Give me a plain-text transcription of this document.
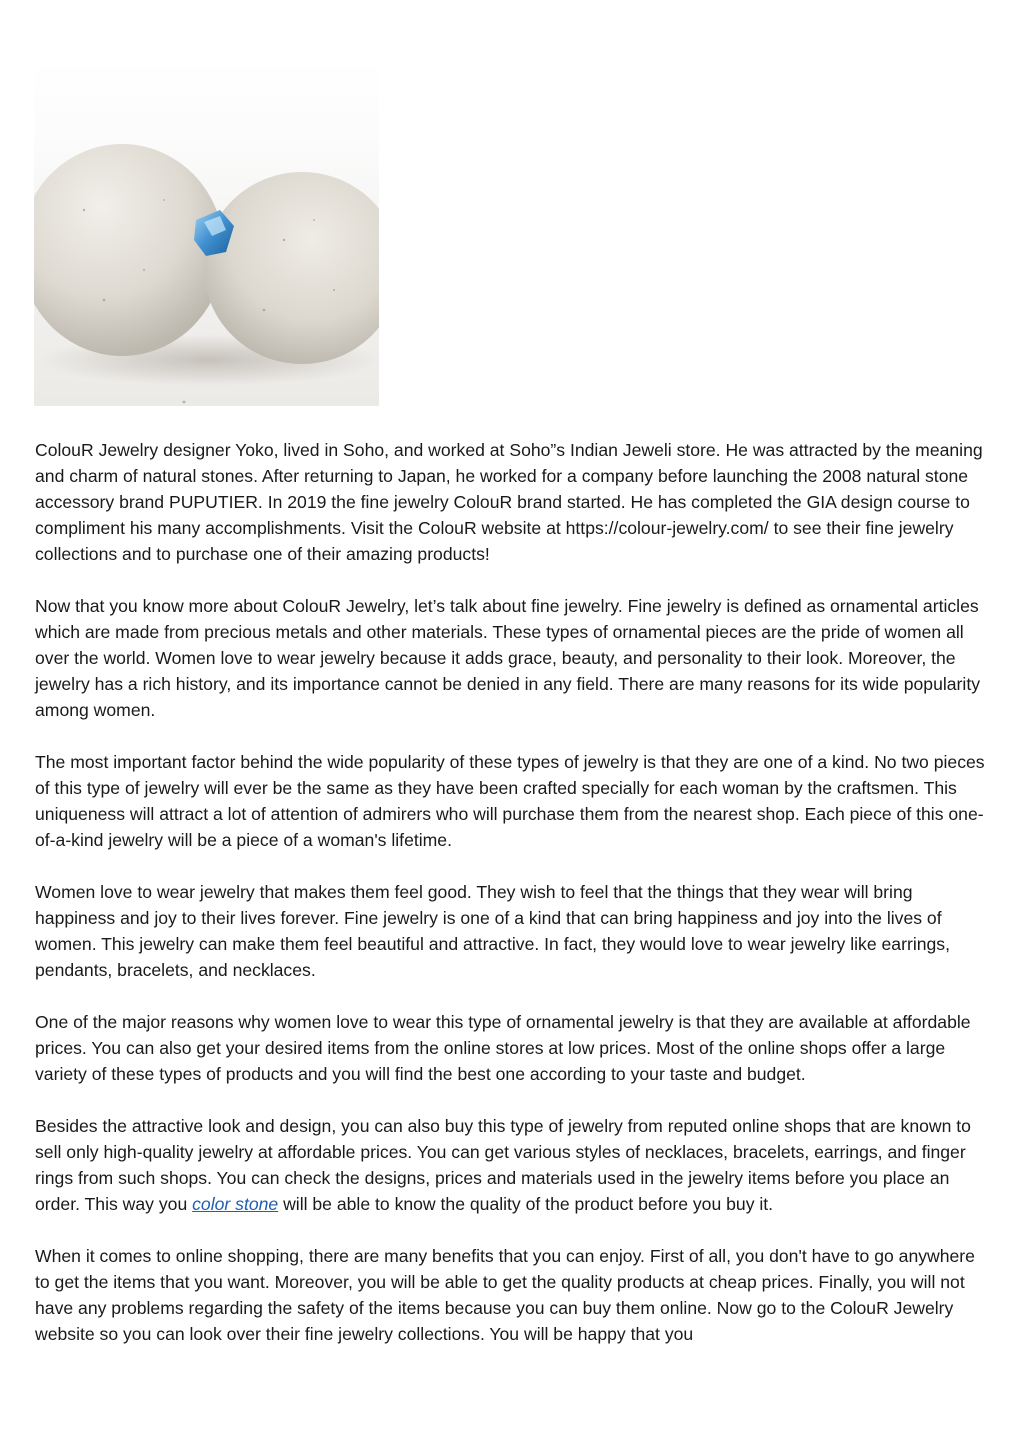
ColouR Jewelry designer Yoko, lived in Soho, and worked at Soho”s Indian Jeweli store. He was attracted by the meaning and charm of natural stones. After returning to Japan, he worked for a company before launching the 2008 natural stone accessory brand PUPUTIER. In 2019 the fine jewelry ColouR brand started. He has completed the GIA design course to compliment his many accomplishments. Visit the ColouR website at https://colour-jewelry.com/ to see their fine jewelry collections and to purchase one of their amazing products!

Now that you know more about ColouR Jewelry, let’s talk about fine jewelry. Fine jewelry is defined as ornamental articles which are made from precious metals and other materials. These types of ornamental pieces are the pride of women all over the world. Women love to wear jewelry because it adds grace, beauty, and personality to their look. Moreover, the jewelry has a rich history, and its importance cannot be denied in any field. There are many reasons for its wide popularity among women.

The most important factor behind the wide popularity of these types of jewelry is that they are one of a kind. No two pieces of this type of jewelry will ever be the same as they have been crafted specially for each woman by the craftsmen. This uniqueness will attract a lot of attention of admirers who will purchase them from the nearest shop. Each piece of this one-of-a-kind jewelry will be a piece of a woman's lifetime.

Women love to wear jewelry that makes them feel good. They wish to feel that the things that they wear will bring happiness and joy to their lives forever. Fine jewelry is one of a kind that can bring happiness and joy into the lives of women. This jewelry can make them feel beautiful and attractive. In fact, they would love to wear jewelry like earrings, pendants, bracelets, and necklaces.

One of the major reasons why women love to wear this type of ornamental jewelry is that they are available at affordable prices. You can also get your desired items from the online stores at low prices. Most of the online shops offer a large variety of these types of products and you will find the best one according to your taste and budget.

Besides the attractive look and design, you can also buy this type of jewelry from reputed online shops that are known to sell only high-quality jewelry at affordable prices. You can get various styles of necklaces, bracelets, earrings, and finger rings from such shops. You can check the designs, prices and materials used in the jewelry items before you place an order. This way you color stone will be able to know the quality of the product before you buy it.

When it comes to online shopping, there are many benefits that you can enjoy. First of all, you don't have to go anywhere to get the items that you want. Moreover, you will be able to get the quality products at cheap prices. Finally, you will not have any problems regarding the safety of the items because you can buy them online. Now go to the ColouR Jewelry website so you can look over their fine jewelry collections. You will be happy that you
